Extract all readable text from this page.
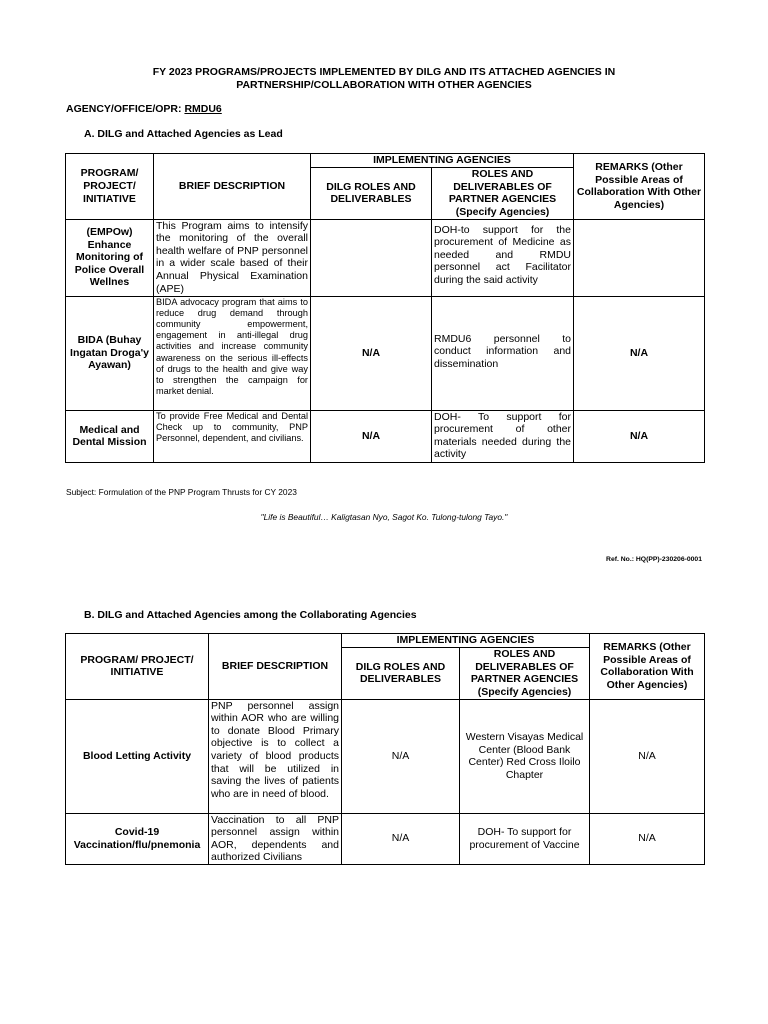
FY 2023 PROGRAMS/PROJECTS IMPLEMENTED BY DILG AND ITS ATTACHED AGENCIES IN
PARTNERSHIP/COLLABORATION WITH OTHER AGENCIES
AGENCY/OFFICE/OPR: RMDU6
A. DILG and Attached Agencies as Lead
PROGRAM/ PROJECT/ INITIATIVE	BRIEF DESCRIPTION	IMPLEMENTING AGENCIES		REMARKS (Other Possible Areas of Collaboration With Other Agencies)
		DILG ROLES AND DELIVERABLES	ROLES AND DELIVERABLES OF PARTNER AGENCIES
(Specify Agencies)	
(EMPOw) Enhance Monitoring of Police Overall Wellnes	This Program aims to intensify the monitoring of the overall health welfare of PNP personnel in a wider scale based of their Annual Physical Examination (APE)		DOH-to support for the procurement of Medicine as needed and RMDU personnel act Facilitator during the said activity	
BIDA (Buhay Ingatan Droga'y Ayawan)	BIDA advocacy program that aims to reduce drug demand through community empowerment, engagement in anti-illegal drug activities and increase community awareness on the serious ill-effects of drugs to the health and give way to strengthen the campaign for market denial.	N/A	RMDU6 personnel to conduct information and dissemination	N/A
Medical and Dental Mission	To provide Free Medical and Dental Check up to community, PNP Personnel, dependent, and civilians.	N/A	DOH- To support for procurement of other materials needed during the activity	N/A
Subject: Formulation of the PNP Program Thrusts for CY 2023
"Life is Beautiful… Kaligtasan Nyo, Sagot Ko. Tulong-tulong Tayo."
Ref. No.: HQ(PP)-230206-0001
B. DILG and Attached Agencies among the Collaborating Agencies
PROGRAM/ PROJECT/ INITIATIVE	BRIEF DESCRIPTION	IMPLEMENTING AGENCIES		REMARKS (Other Possible Areas of Collaboration With Other Agencies)
		DILG ROLES AND DELIVERABLES	ROLES AND DELIVERABLES OF PARTNER AGENCIES
(Specify Agencies)	
Blood Letting Activity	PNP personnel assign within AOR who are willing to donate Blood Primary objective is to collect a variety of blood products that will be utilized in saving the lives of patients who are in need of blood.	N/A	Western Visayas Medical Center (Blood Bank Center) Red Cross Iloilo Chapter	N/A
Covid-19 Vaccination/flu/pnemonia	Vaccination to all PNP personnel assign within AOR, dependents and authorized Civilians	N/A	DOH- To support for procurement of Vaccine	N/A
